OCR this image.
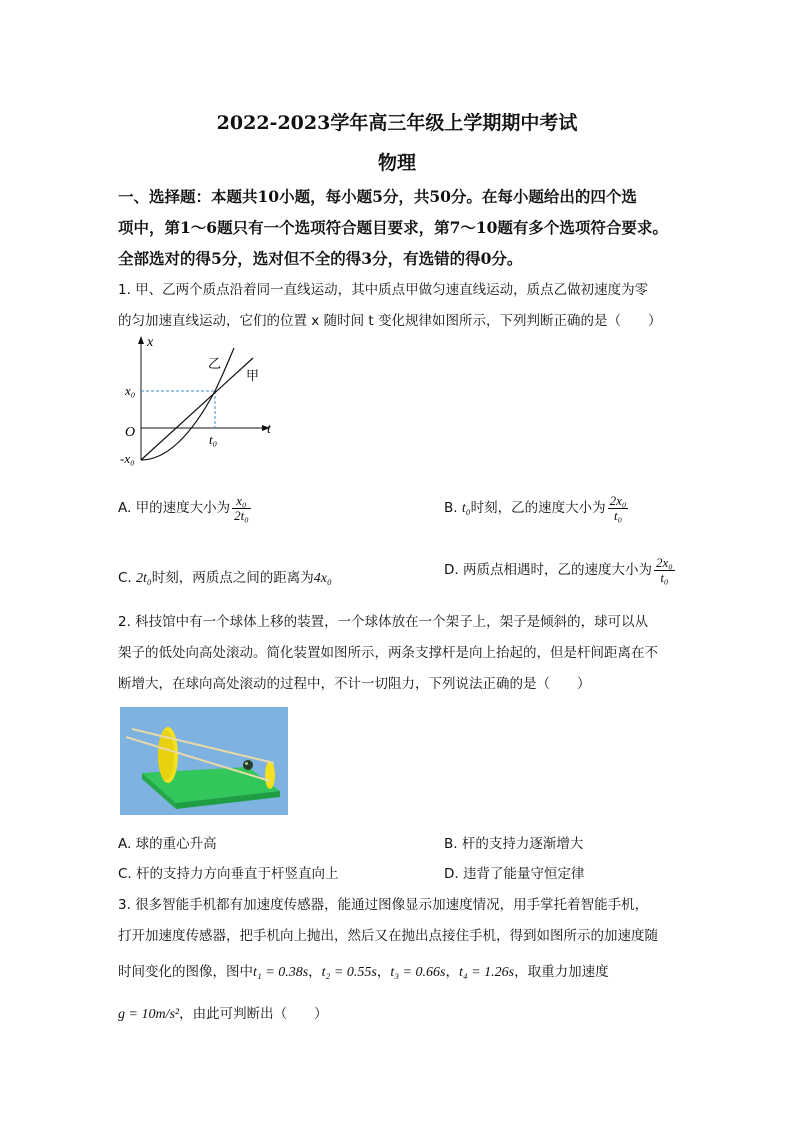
2022-2023学年高三年级上学期期中考试
物理
一、选择题：本题共10小题，每小题5分，共50分。在每小题给出的四个选
项中，第1～6题只有一个选项符合题目要求，第7～10题有多个选项符合要求。
全部选对的得5分，选对但不全的得3分，有选错的得0分。
1. 甲、乙两个质点沿着同一直线运动，其中质点甲做匀速直线运动，质点乙做初速度为零
的匀加速直线运动，它们的位置 x 随时间 t 变化规律如图所示，下列判断正确的是（　　）
x
t
O
x₀
-x₀
t₀
乙
甲
A. 甲的速度大小为 $\frac{\text{x₀}}{\text{2t₀}}$	B. t₀时刻，乙的速度大小为 $\frac{\text{2x₀}}{\text{t₀}}$
C. 2t₀时刻，两质点之间的距离为4x₀
D. 两质点相遇时，乙的速度大小为 $\frac{\text{2x₀}}{\text{t₀}}$
2. 科技馆中有一个球体上移的装置，一个球体放在一个架子上，架子是倾斜的，球可以从
架子的低处向高处滚动。简化装置如图所示，两条支撑杆是向上抬起的，但是杆间距离在不
断增大，在球向高处滚动的过程中，不计一切阻力，下列说法正确的是（　　）
A. 球的重心升高	B. 杆的支持力逐渐增大
C. 杆的支持力方向垂直于杆竖直向上	D. 违背了能量守恒定律
3. 很多智能手机都有加速度传感器，能通过图像显示加速度情况，用手掌托着智能手机，
打开加速度传感器，把手机向上抛出，然后又在抛出点接住手机，得到如图所示的加速度随
时间变化的图像，图中t₁ = 0.38s，t₂ = 0.55s，t₃ = 0.66s，t₄ = 1.26s，取重力加速度
g = 10m/s²，由此可判断出（　　）
